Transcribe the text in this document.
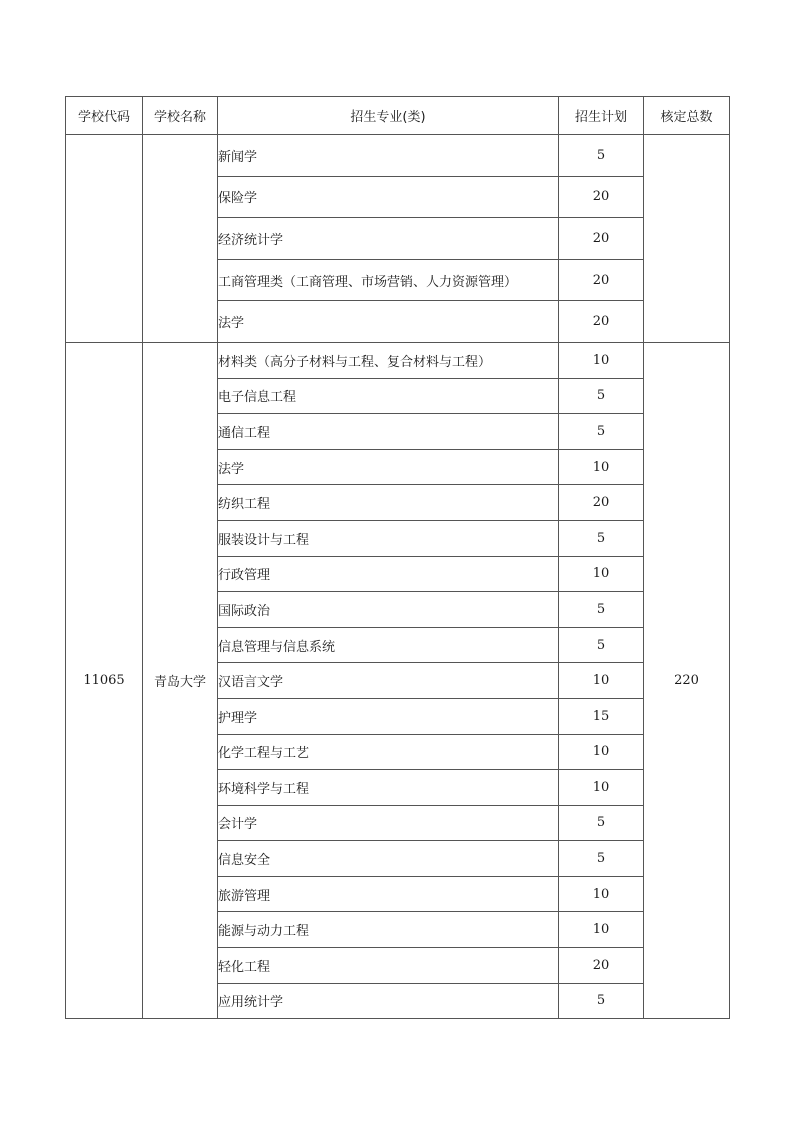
学校代码	学校名称	招生专业(类)	招生计划	核定总数
		新闻学	5	
		保险学	20	
		经济统计学	20	
		工商管理类（工商管理、市场营销、人力资源管理）	20	
		法学	20	
11065	青岛大学	材料类（高分子材料与工程、复合材料与工程）	10	220
		电子信息工程	5	
		通信工程	5	
		法学	10	
		纺织工程	20	
		服装设计与工程	5	
		行政管理	10	
		国际政治	5	
		信息管理与信息系统	5	
		汉语言文学	10	
		护理学	15	
		化学工程与工艺	10	
		环境科学与工程	10	
		会计学	5	
		信息安全	5	
		旅游管理	10	
		能源与动力工程	10	
		轻化工程	20	
		应用统计学	5	
